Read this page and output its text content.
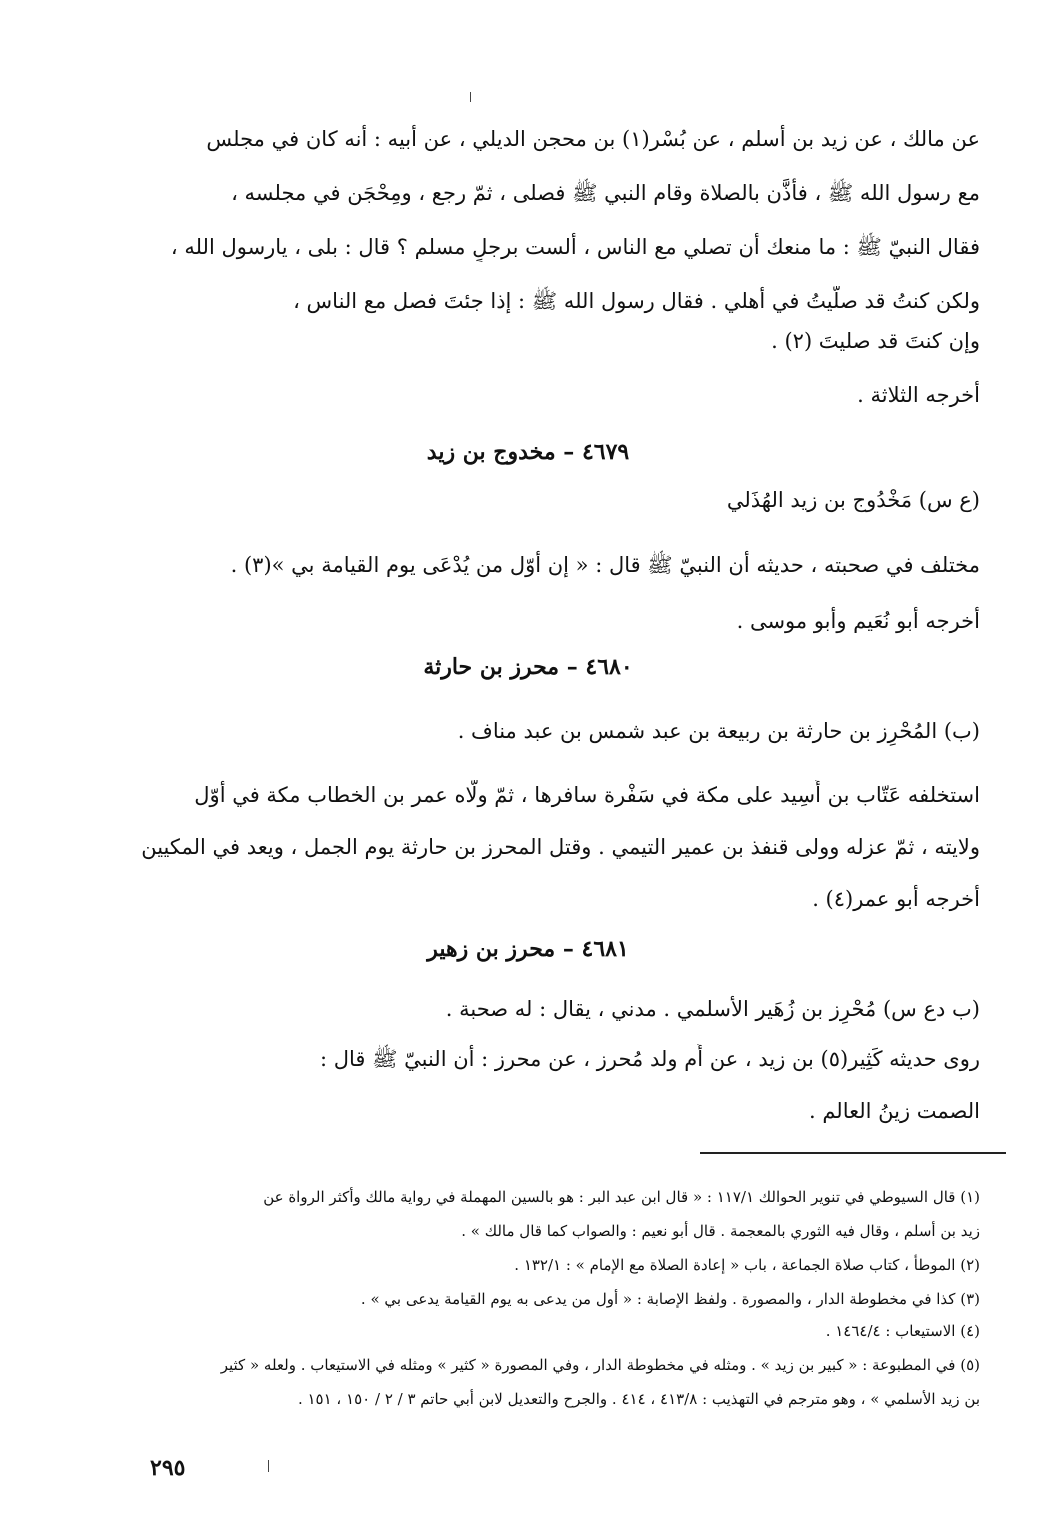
عن مالك ، عن زيد بن أسلم ، عن بُسْر(١) بن محجن الديلي ، عن أبيه : أنه كان في مجلس
مع رسول الله ﷺ ، فأذَّن بالصلاة وقام النبي ﷺ فصلى ، ثمّ رجع ، ومِحْجَن في مجلسه ،
فقال النبيّ ﷺ : ما منعك أن تصلي مع الناس ، ألست برجلٍ مسلم ؟ قال : بلى ، يارسول الله ،
ولكن كنتُ قد صلّيتُ في أهلي . فقال رسول الله ﷺ : إذا جئتَ فصل مع الناس ،
وإن كنتَ قد صليتَ (٢) .
أخرجه الثلاثة .
٤٦٧٩ – مخدوج بن زيد
(ع س) مَخْدُوج بن زيد الهُذَلي
مختلف في صحبته ، حديثه أن النبيّ ﷺ قال : « إن أوّل من يُدْعَى يوم القيامة بي »(٣) .
أخرجه أبو نُعَيم وأبو موسى .
٤٦٨٠ – محرز بن حارثة
(ب) المُحْرِز بن حارثة بن ربيعة بن عبد شمس بن عبد مناف .
استخلفه عَتّاب بن أَسِيد على مكة في سَفْرة سافرها ، ثمّ ولّاه عمر بن الخطاب مكة في أوّل
ولايته ، ثمّ عزله وولى قنفذ بن عمير التيمي . وقتل المحرز بن حارثة يوم الجمل ، ويعد في المكيين
أخرجه أبو عمر(٤) .
٤٦٨١ – محرز بن زهير
(ب دع س) مُحْرِز بن زُهَير الأسلمي . مدني ، يقال : له صحبة .
روى حديثه كَثِير(٥) بن زيد ، عن أُم ولد مُحرز ، عن محرز : أن النبيّ ﷺ قال :
الصمت زينُ العالم .
(١) قال السيوطي في تنوير الحوالك ١١٧/١ : « قال ابن عبد البر : هو بالسين المهملة في رواية مالك وأكثر الرواة عن
زيد بن أسلم ، وقال فيه الثوري بالمعجمة . قال أبو نعيم : والصواب كما قال مالك » .
(٢) الموطأ ، كتاب صلاة الجماعة ، باب « إعادة الصلاة مع الإمام » : ١٣٢/١ .
(٣) كذا في مخطوطة الدار ، والمصورة . ولفظ الإصابة : « أول من يدعى به يوم القيامة يدعى بي » .
(٤) الاستيعاب : ١٤٦٤/٤ .
(٥) في المطبوعة : « كبير بن زيد » . ومثله في مخطوطة الدار ، وفي المصورة « كثير » ومثله في الاستيعاب . ولعله « كثير
بن زيد الأسلمي » ، وهو مترجم في التهذيب : ٤١٣/٨ ، ٤١٤ . والجرح والتعديل لابن أبي حاتم ٣ / ٢ / ١٥٠ ، ١٥١ .
٢٩٥
